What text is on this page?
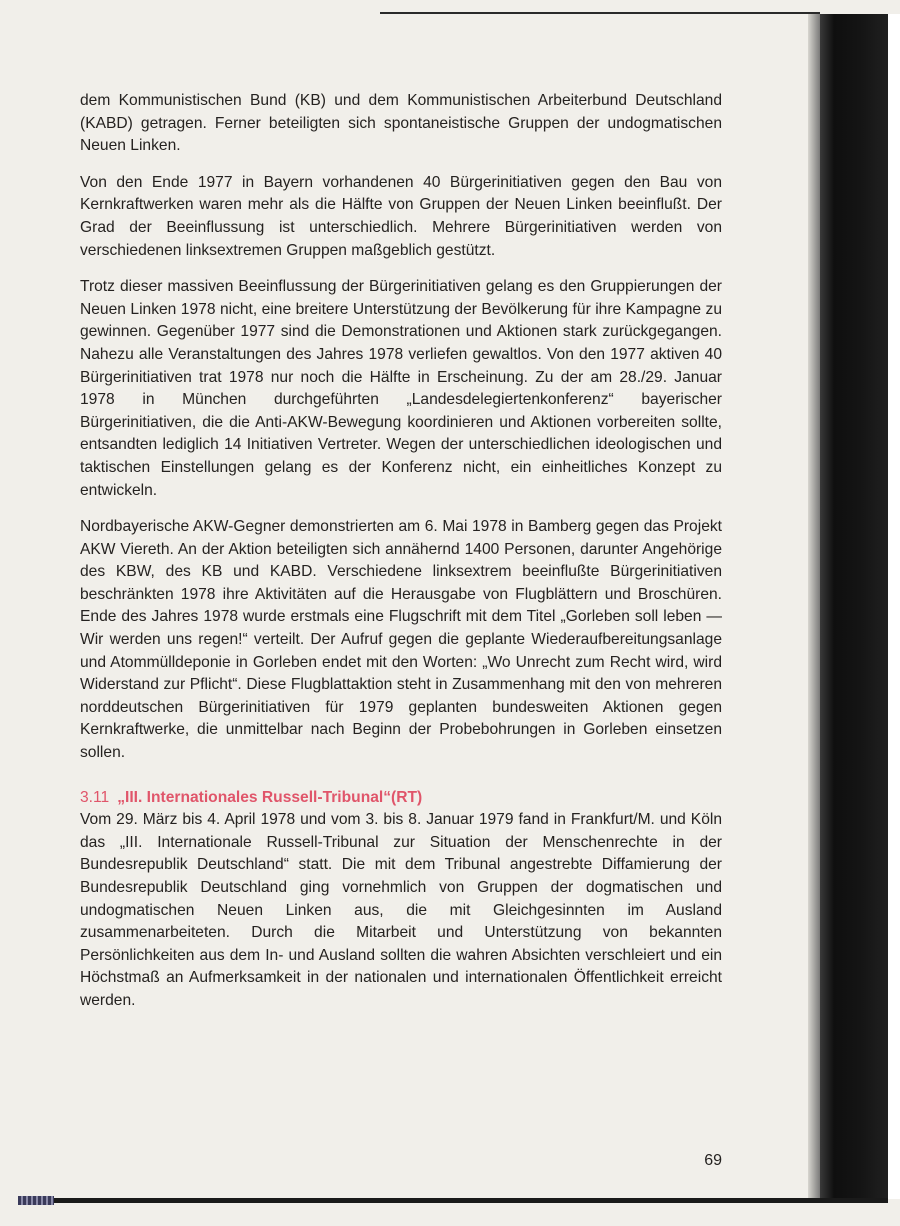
dem Kommunistischen Bund (KB) und dem Kommunistischen Arbeiterbund Deutschland (KABD) getragen. Ferner beteiligten sich spontaneistische Gruppen der undogmatischen Neuen Linken.

Von den Ende 1977 in Bayern vorhandenen 40 Bürgerinitiativen gegen den Bau von Kernkraftwerken waren mehr als die Hälfte von Gruppen der Neuen Linken beeinflußt. Der Grad der Beeinflussung ist unterschiedlich. Mehrere Bürgerinitiativen werden von verschiedenen linksextremen Gruppen maßgeblich gestützt.

Trotz dieser massiven Beeinflussung der Bürgerinitiativen gelang es den Gruppierungen der Neuen Linken 1978 nicht, eine breitere Unterstützung der Bevölkerung für ihre Kampagne zu gewinnen. Gegenüber 1977 sind die Demonstrationen und Aktionen stark zurückgegangen. Nahezu alle Veranstaltungen des Jahres 1978 verliefen gewaltlos. Von den 1977 aktiven 40 Bürgerinitiativen trat 1978 nur noch die Hälfte in Erscheinung. Zu der am 28./29. Januar 1978 in München durchgeführten „Landesdelegiertenkonferenz“ bayerischer Bürgerinitiativen, die die Anti-AKW-Bewegung koordinieren und Aktionen vorbereiten sollte, entsandten lediglich 14 Initiativen Vertreter. Wegen der unterschiedlichen ideologischen und taktischen Einstellungen gelang es der Konferenz nicht, ein einheitliches Konzept zu entwickeln.

Nordbayerische AKW-Gegner demonstrierten am 6. Mai 1978 in Bamberg gegen das Projekt AKW Viereth. An der Aktion beteiligten sich annähernd 1400 Personen, darunter Angehörige des KBW, des KB und KABD. Verschiedene linksextrem beeinflußte Bürgerinitiativen beschränkten 1978 ihre Aktivitäten auf die Herausgabe von Flugblättern und Broschüren. Ende des Jahres 1978 wurde erstmals eine Flugschrift mit dem Titel „Gorleben soll leben — Wir werden uns regen!“ verteilt. Der Aufruf gegen die geplante Wiederaufbereitungsanlage und Atommülldeponie in Gorleben endet mit den Worten: „Wo Unrecht zum Recht wird, wird Widerstand zur Pflicht“. Diese Flugblattaktion steht in Zusammenhang mit den von mehreren norddeutschen Bürgerinitiativen für 1979 geplanten bundesweiten Aktionen gegen Kernkraftwerke, die unmittelbar nach Beginn der Probebohrungen in Gorleben einsetzen sollen.

3.11 „III. Internationales Russell-Tribunal“(RT)

Vom 29. März bis 4. April 1978 und vom 3. bis 8. Januar 1979 fand in Frankfurt/M. und Köln das „III. Internationale Russell-Tribunal zur Situation der Menschenrechte in der Bundesrepublik Deutschland“ statt. Die mit dem Tribunal angestrebte Diffamierung der Bundesrepublik Deutschland ging vornehmlich von Gruppen der dogmatischen und undogmatischen Neuen Linken aus, die mit Gleichgesinnten im Ausland zusammenarbeiteten. Durch die Mitarbeit und Unterstützung von bekannten Persönlichkeiten aus dem In- und Ausland sollten die wahren Absichten verschleiert und ein Höchstmaß an Aufmerksamkeit in der nationalen und internationalen Öffentlichkeit erreicht werden.

69
